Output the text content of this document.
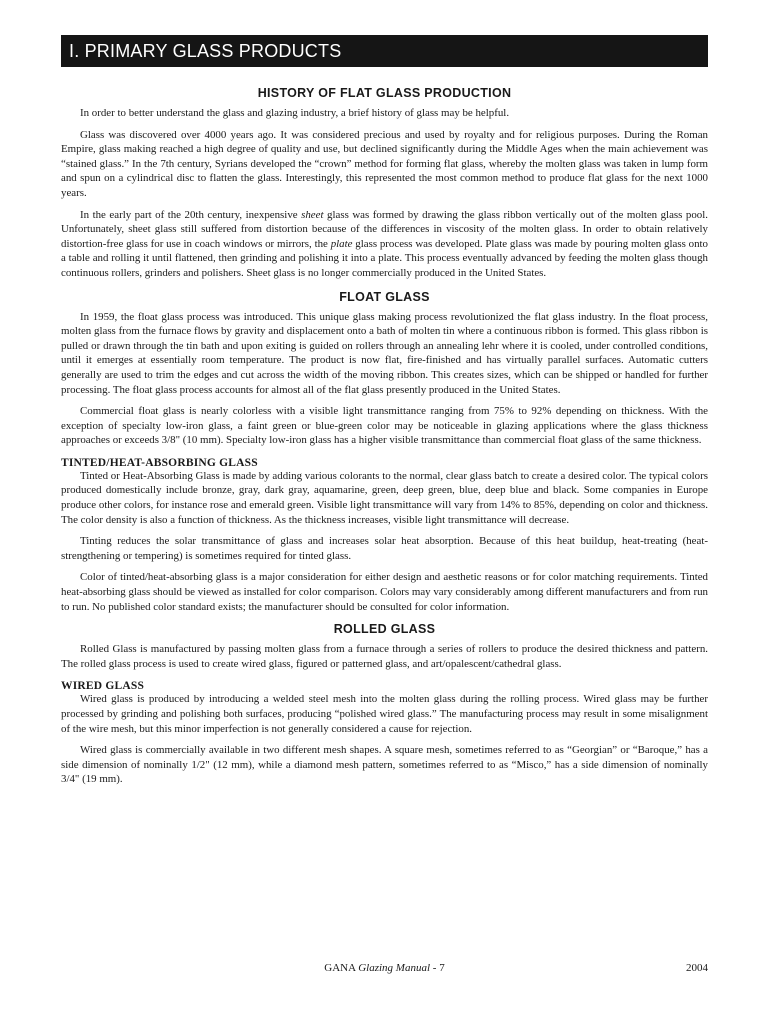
I. PRIMARY GLASS PRODUCTS
HISTORY OF FLAT GLASS PRODUCTION

In order to better understand the glass and glazing industry, a brief history of glass may be helpful.

Glass was discovered over 4000 years ago. It was considered precious and used by royalty and for religious purposes. During the Roman Empire, glass making reached a high degree of quality and use, but declined significantly during the Middle Ages when the main achievement was “stained glass.” In the 7th century, Syrians developed the “crown” method for forming flat glass, whereby the molten glass was taken in lump form and spun on a cylindrical disc to flatten the glass. Interestingly, this represented the most common method to produce flat glass for the next 1000 years.

In the early part of the 20th century, inexpensive sheet glass was formed by drawing the glass ribbon vertically out of the molten glass pool. Unfortunately, sheet glass still suffered from distortion because of the differences in viscosity of the molten glass. In order to obtain relatively distortion-free glass for use in coach windows or mirrors, the plate glass process was developed. Plate glass was made by pouring molten glass onto a table and rolling it until flattened, then grinding and polishing it into a plate. This process eventually advanced by feeding the molten glass though continuous rollers, grinders and polishers. Sheet glass is no longer commercially produced in the United States.

FLOAT GLASS

In 1959, the float glass process was introduced. This unique glass making process revolutionized the flat glass industry. In the float process, molten glass from the furnace flows by gravity and displacement onto a bath of molten tin where a continuous ribbon is formed. This glass ribbon is pulled or drawn through the tin bath and upon exiting is guided on rollers through an annealing lehr where it is cooled, under controlled conditions, until it emerges at essentially room temperature. The product is now flat, fire-finished and has virtually parallel surfaces. Automatic cutters generally are used to trim the edges and cut across the width of the moving ribbon. This creates sizes, which can be shipped or handled for further processing. The float glass process accounts for almost all of the flat glass presently produced in the United States.

Commercial float glass is nearly colorless with a visible light transmittance ranging from 75% to 92% depending on thickness. With the exception of specialty low-iron glass, a faint green or blue-green color may be noticeable in glazing applications where the glass thickness approaches or exceeds 3/8" (10 mm). Specialty low-iron glass has a higher visible transmittance than commercial float glass of the same thickness.

TINTED/HEAT-ABSORBING GLASS

Tinted or Heat-Absorbing Glass is made by adding various colorants to the normal, clear glass batch to create a desired color. The typical colors produced domestically include bronze, gray, dark gray, aquamarine, green, deep green, blue, deep blue and black. Some companies in Europe produce other colors, for instance rose and emerald green. Visible light transmittance will vary from 14% to 85%, depending on color and thickness. The color density is also a function of thickness. As the thickness increases, visible light transmittance will decrease.

Tinting reduces the solar transmittance of glass and increases solar heat absorption. Because of this heat buildup, heat-treating (heat-strengthening or tempering) is sometimes required for tinted glass.

Color of tinted/heat-absorbing glass is a major consideration for either design and aesthetic reasons or for color matching requirements. Tinted heat-absorbing glass should be viewed as installed for color comparison. Colors may vary considerably among different manufacturers and from run to run. No published color standard exists; the manufacturer should be consulted for color information.

ROLLED GLASS

Rolled Glass is manufactured by passing molten glass from a furnace through a series of rollers to produce the desired thickness and pattern. The rolled glass process is used to create wired glass, figured or patterned glass, and art/opalescent/cathedral glass.

WIRED GLASS

Wired glass is produced by introducing a welded steel mesh into the molten glass during the rolling process. Wired glass may be further processed by grinding and polishing both surfaces, producing “polished wired glass.” The manufacturing process may result in some misalignment of the wire mesh, but this minor imperfection is not generally considered a cause for rejection.

Wired glass is commercially available in two different mesh shapes. A square mesh, sometimes referred to as “Georgian” or “Baroque,” has a side dimension of nominally 1/2" (12 mm), while a diamond mesh pattern, sometimes referred to as “Misco,” has a side dimension of nominally 3/4" (19 mm).

GANA Glazing Manual - 7	2004
